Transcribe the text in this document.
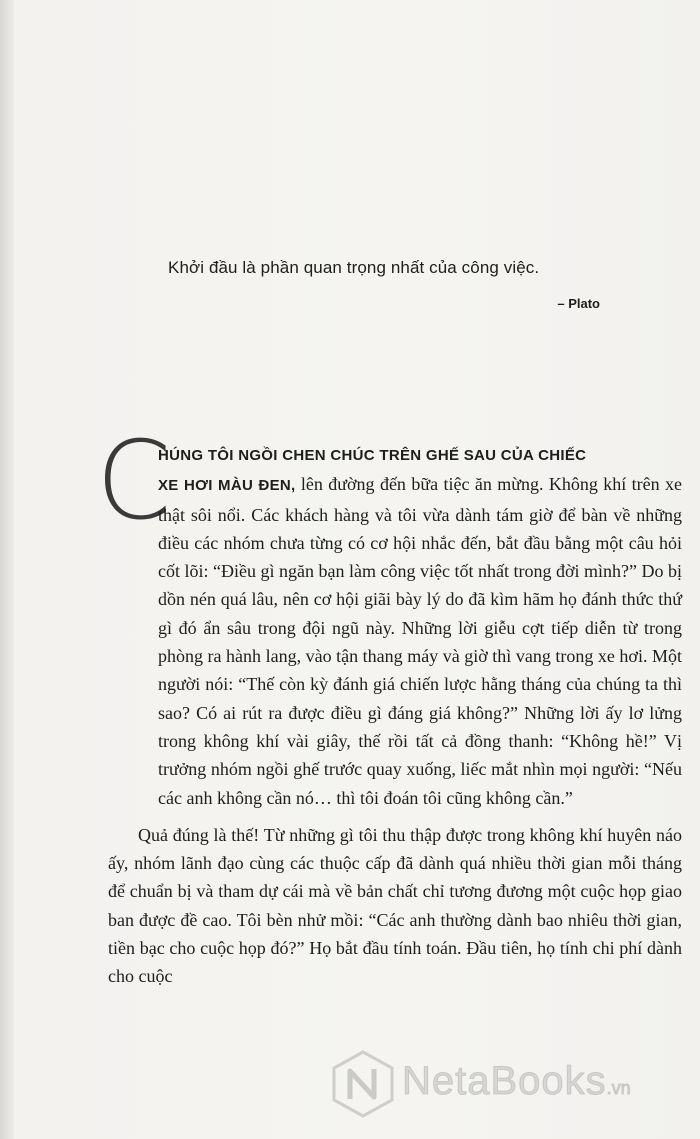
Khởi đầu là phần quan trọng nhất của công việc.
– Plato
C

HÚNG TÔI NGỒI CHEN CHÚC TRÊN GHẾ SAU CỦA CHIẾC
XE HƠI MÀU ĐEN, lên đường đến bữa tiệc ăn mừng. Không khí trên xe thật sôi nổi. Các khách hàng và tôi vừa dành tám giờ để bàn về những điều các nhóm chưa từng có cơ hội nhắc đến, bắt đầu bằng một câu hỏi cốt lõi: “Điều gì ngăn bạn làm công việc tốt nhất trong đời mình?” Do bị dồn nén quá lâu, nên cơ hội giãi bày lý do đã kìm hãm họ đánh thức thứ gì đó ẩn sâu trong đội ngũ này. Những lời giễu cợt tiếp diễn từ trong phòng ra hành lang, vào tận thang máy và giờ thì vang trong xe hơi. Một người nói: “Thế còn kỳ đánh giá chiến lược hằng tháng của chúng ta thì sao? Có ai rút ra được điều gì đáng giá không?” Những lời ấy lơ lửng trong không khí vài giây, thế rồi tất cả đồng thanh: “Không hề!” Vị trưởng nhóm ngồi ghế trước quay xuống, liếc mắt nhìn mọi người: “Nếu các anh không cần nó… thì tôi đoán tôi cũng không cần.”

Quả đúng là thế! Từ những gì tôi thu thập được trong không khí huyên náo ấy, nhóm lãnh đạo cùng các thuộc cấp đã dành quá nhiều thời gian mỗi tháng để chuẩn bị và tham dự cái mà về bản chất chỉ tương đương một cuộc họp giao ban được đề cao. Tôi bèn nhử mồi: “Các anh thường dành bao nhiêu thời gian, tiền bạc cho cuộc họp đó?” Họ bắt đầu tính toán. Đầu tiên, họ tính chi phí dành cho cuộc

NetaBooks.vn
